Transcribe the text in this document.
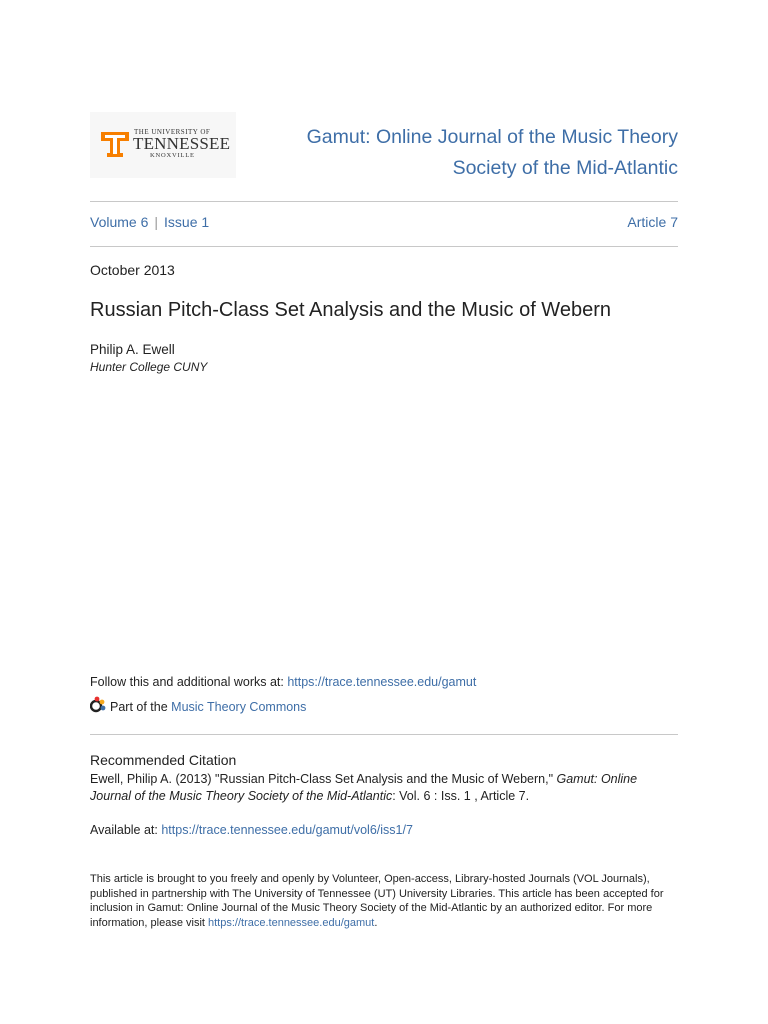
THE UNIVERSITY OF
TENNESSEE
KNOXVILLE
Gamut: Online Journal of the Music Theory Society of the Mid-Atlantic
Volume 6 | Issue 1	Article 7
October 2013
Russian Pitch-Class Set Analysis and the Music of Webern
Philip A. Ewell
Hunter College CUNY
Follow this and additional works at: https://trace.tennessee.edu/gamut
Part of the Music Theory Commons
Recommended Citation
Ewell, Philip A. (2013) "Russian Pitch-Class Set Analysis and the Music of Webern," Gamut: Online Journal of the Music Theory Society of the Mid-Atlantic: Vol. 6 : Iss. 1 , Article 7.
Available at: https://trace.tennessee.edu/gamut/vol6/iss1/7
This article is brought to you freely and openly by Volunteer, Open-access, Library-hosted Journals (VOL Journals), published in partnership with The University of Tennessee (UT) University Libraries. This article has been accepted for inclusion in Gamut: Online Journal of the Music Theory Society of the Mid-Atlantic by an authorized editor. For more information, please visit https://trace.tennessee.edu/gamut.
